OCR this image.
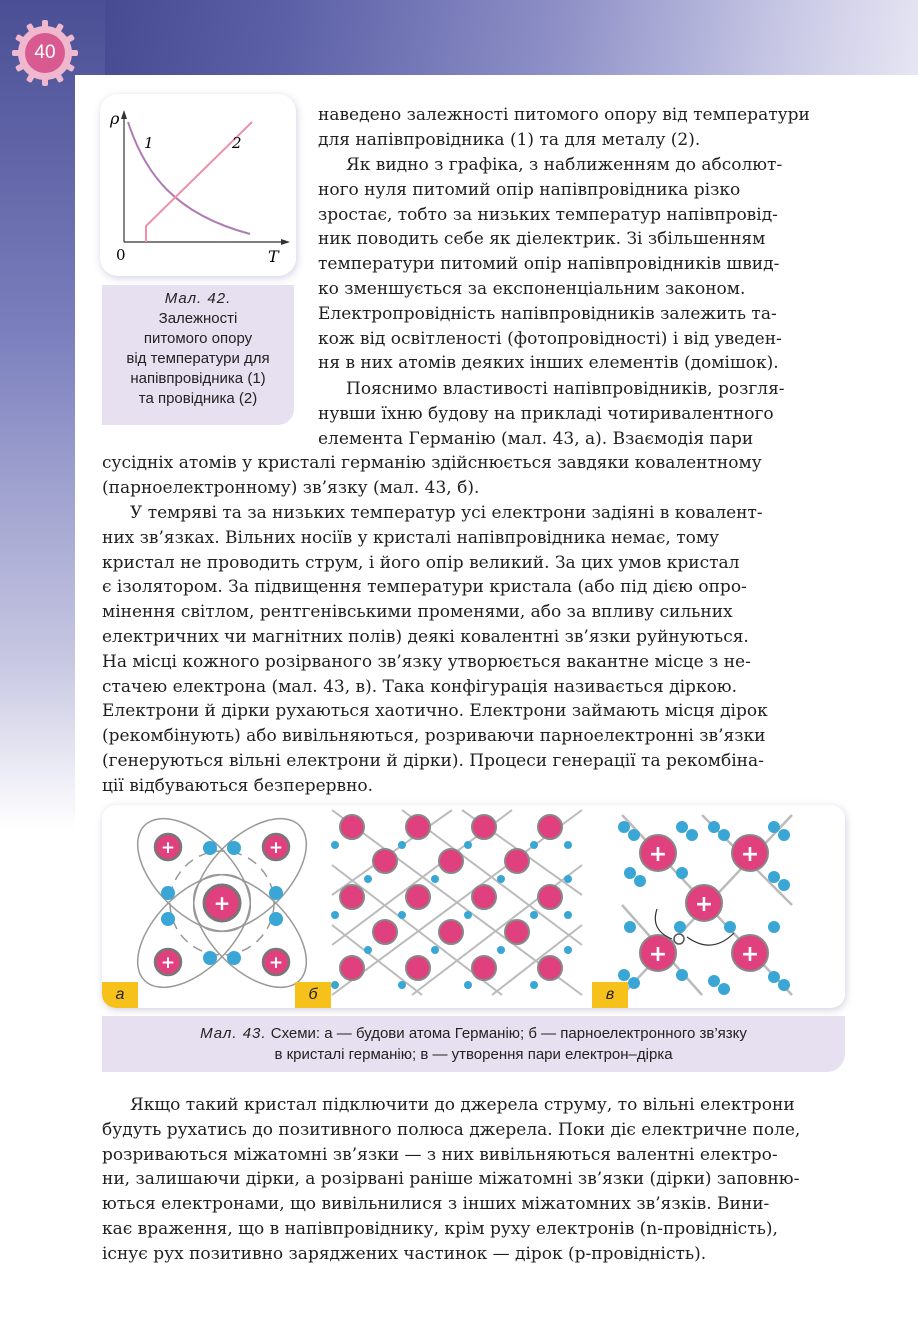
40
ρ
T
0
1	2
Мал. 42.
Залежності
питомого опору
від температури для
напівпровідника (1)
та провідника (2)

наведено залежності питомого опору від температури

для напівпровідника (1) та для металу (2).

Як видно з графіка, з наближенням до абсолют-

ного нуля питомий опір напівпровідника різко

зростає, тобто за низьких температур напівпровід-

ник поводить себе як діелектрик. Зі збільшенням

температури питомий опір напівпровідників швид-

ко зменшується за експоненціальним законом.

Електропровідність напівпровідників залежить та-

кож від освітленості (фотопровідності) і від уведен-

ня в них атомів деяких інших елементів (домішок).

Пояснимо властивості напівпровідників, розгля-

нувши їхню будову на прикладі чотиривалентного

елемента Германію (мал. 43, а). Взаємодія пари

сусідніх атомів у кристалі германію здійснюється завдяки ковалентному

(парноелектронному) зв’язку (мал. 43, б).

У темряві та за низьких температур усі електрони задіяні в ковалент-

них зв’язках. Вільних носіїв у кристалі напівпровідника немає, тому

кристал не проводить струм, і його опір великий. За цих умов кристал

є ізолятором. За підвищення температури кристала (або під дією опро-

мінення світлом, рентгенівськими променями, або за впливу сильних

електричних чи магнітних полів) деякі ковалентні зв’язки руйнуються.

На місці кожного розірваного зв’язку утворюється вакантне місце з не-

стачею електрона (мал. 43, в). Така конфігурація називається діркою.

Електрони й дірки рухаються хаотично. Електрони займають місця дірок

(рекомбінують) або вивільняються, розриваючи парноелектронні зв’язки

(генеруються вільні електрони й дірки). Процеси генерації та рекомбіна-

ції відбуваються безперервно.

+
+	+
+	+
+	+
+
+	+
а	б	в
Мал. 43. Схеми: а — будови атома Германію; б — парноелектронного зв’язку
в кристалі германію; в — утворення пари електрон–дірка

Якщо такий кристал підключити до джерела струму, то вільні електрони

будуть рухатись до позитивного полюса джерела. Поки діє електричне поле,

розриваються міжатомні зв’язки — з них вивільняються валентні електро-

ни, залишаючи дірки, а розірвані раніше міжатомні зв’язки (дірки) заповню-

ються електронами, що вивільнилися з інших міжатомних зв’язків. Вини-

кає враження, що в напівпровіднику, крім руху електронів (n-провідність),

існує рух позитивно заряджених частинок — дірок (p-провідність).
